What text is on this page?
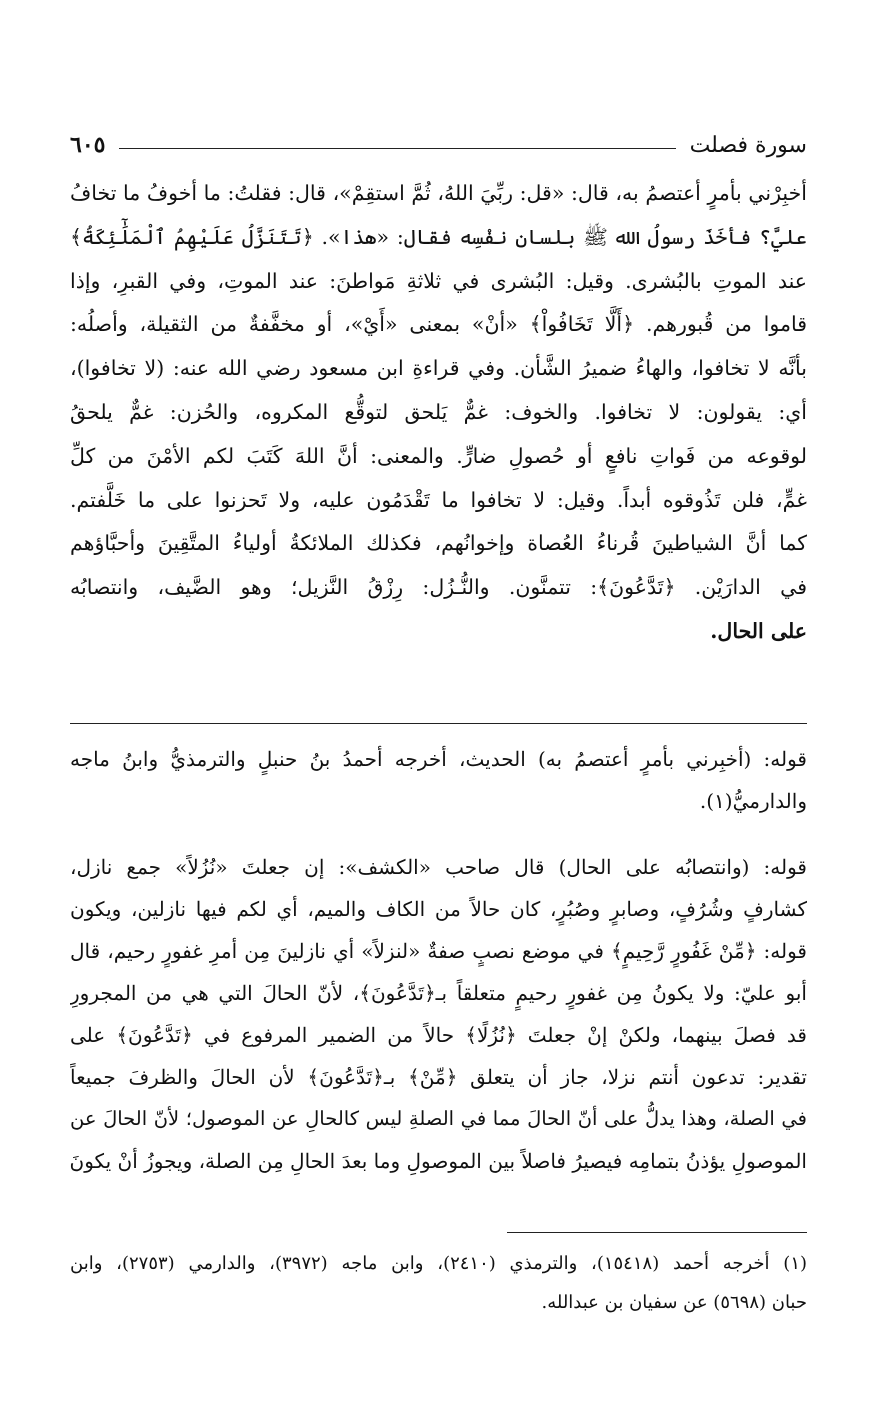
سورة فصلت
٦٠٥
أخبِرْني بأمرٍ أعتصمُ به، قال: «قل: ربِّيَ اللهُ، ثُمَّ استقِمْ»، قال: فقلتُ: ما أخوفُ ما تخافُ
عليَّ؟ فأخَذَ رسولُ الله ﷺ بلسان نفْسِه فقال: «هذا». ﴿تَتَنَزَّلُ عَلَيْهِمُ ٱلْمَلَٰٓئِكَةُ﴾
عند الموتِ بالبُشرى. وقيل: البُشرى في ثلاثةِ مَواطنَ: عند الموتِ، وفي القبرِ، وإذا
قاموا من قُبورهم. ﴿أَلَّا تَخَافُواْ﴾ «أنْ» بمعنى «أَيْ»، أو مخفَّفةٌ من الثقيلة، وأصلُه:
بأنَّه لا تخافوا، والهاءُ ضميرُ الشَّأن. وفي قراءةِ ابن مسعود رضي الله عنه: (لا تخافوا)،
أي: يقولون: لا تخافوا. والخوف: غمٌّ يَلحق لتوقُّع المكروه، والحُزن: غمٌّ يلحقُ
لوقوعه من فَواتِ نافعٍ أو حُصولِ ضارٍّ. والمعنى: أنَّ اللهَ كَتَبَ لكم الأمْنَ من كلِّ
غمٍّ، فلن تَذُوقوه أبداً. وقيل: لا تخافوا ما تَقْدَمُون عليه، ولا تَحزنوا على ما خَلَّفتم.
كما أنَّ الشياطينَ قُرناءُ العُصاة وإخوانُهم، فكذلك الملائكةُ أولياءُ المتَّقِينَ وأحبَّاؤهم
في الدارَيْن. ﴿تَدَّعُونَ﴾: تتمنَّون. والنُّـزُل: رِزْقُ النَّزيل؛ وهو الضَّيف، وانتصابُه
على الحال.
قوله: (أخبِرني بأمرٍ أعتصمُ به) الحديث، أخرجه أحمدُ بنُ حنبلٍ والترمذيُّ وابنُ ماجه
والدارميُّ(١).
قوله: (وانتصابُه على الحال) قال صاحب «الكشف»: إن جعلتَ «نُزُلاً» جمع نازل،
كشارفٍ وشُرُفٍ، وصابرٍ وصُبُرٍ، كان حالاً من الكاف والميم، أي لكم فيها نازلين، ويكون
قوله: ﴿مِّنْ غَفُورٍ رَّحِيمٍ﴾ في موضع نصبٍ صفةٌ «لنزلاً» أي نازلينَ مِن أمرِ غفورٍ رحيم، قال
أبو عليّ: ولا يكونُ مِن غفورٍ رحيمٍ متعلقاً بـ﴿تَدَّعُونَ﴾، لأنّ الحالَ التي هي من المجرورِ
قد فصلَ بينهما، ولكنْ إنْ جعلتَ ﴿نُزُلًا﴾ حالاً من الضمير المرفوع في ﴿تَدَّعُونَ﴾ على
تقدير: تدعون أنتم نزلا، جاز أن يتعلق ﴿مِّنْ﴾ بـ﴿تَدَّعُونَ﴾ لأن الحالَ والظرفَ جميعاً
في الصلة، وهذا يدلُّ على أنّ الحالَ مما في الصلةِ ليس كالحالِ عن الموصول؛ لأنّ الحالَ عن
الموصولِ يؤذنُ بتمامِه فيصيرُ فاصلاً بين الموصولِ وما بعدَ الحالِ مِن الصلة، ويجوزُ أنْ يكونَ
(١) أخرجه أحمد (١٥٤١٨)، والترمذي (٢٤١٠)، وابن ماجه (٣٩٧٢)، والدارمي (٢٧٥٣)، وابن
حبان (٥٦٩٨) عن سفيان بن عبدالله.
